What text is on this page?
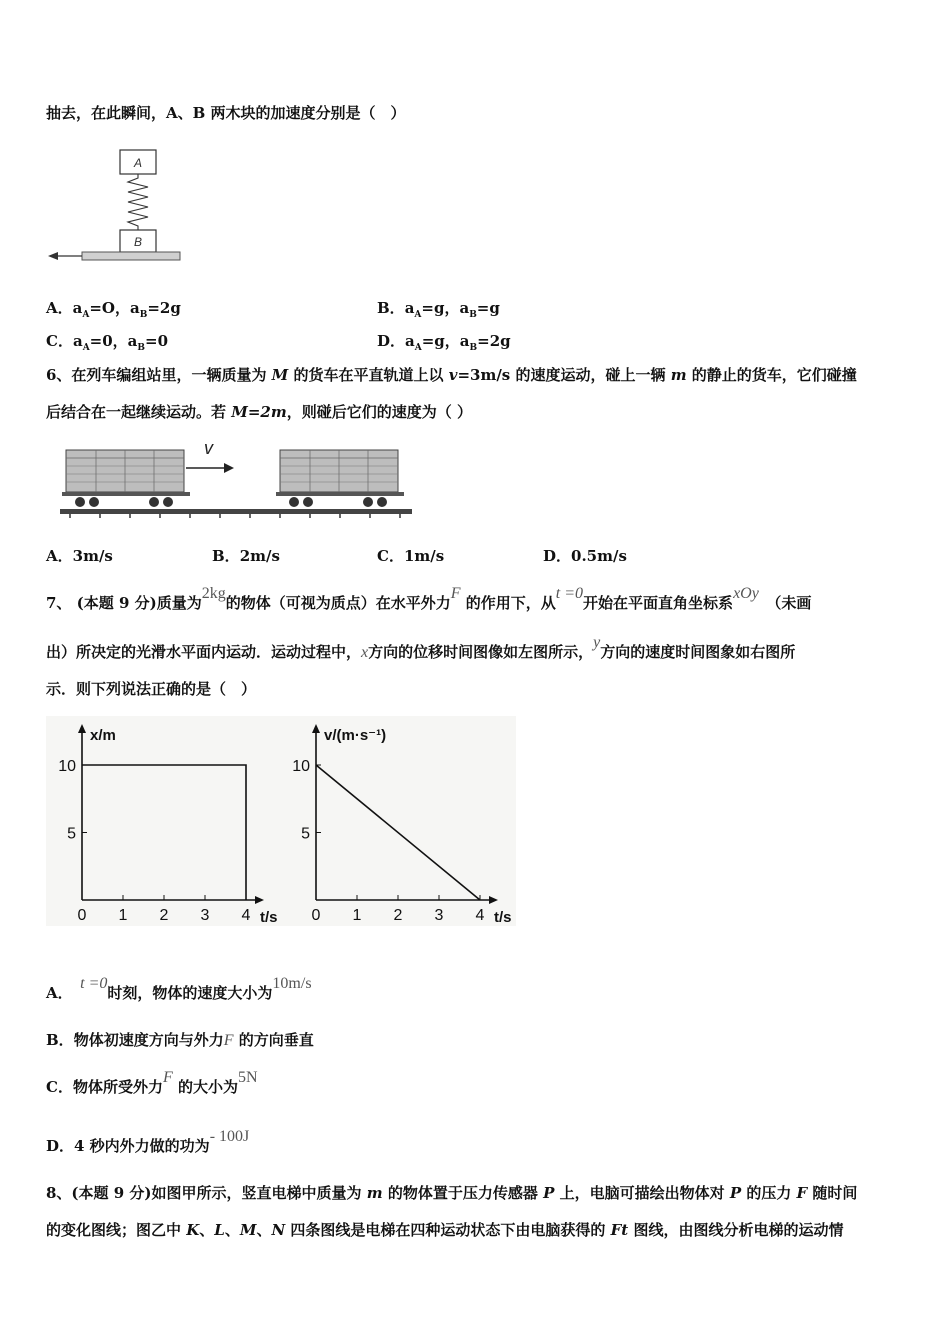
抽去，在此瞬间，A、B 两木块的加速度分别是（　）
A
B
A．$a_A=O$，$a_B=2g$	B．$a_A=g$，$a_B=g$
C．$a_A=0$，$a_B=0$	D．$a_A=g$，$a_B=2g$
6、在列车编组站里，一辆质量为 M 的货车在平直轨道上以 v=3m/s 的速度运动，碰上一辆 m 的静止的货车，它们碰撞
后结合在一起继续运动。若 M=2m，则碰后它们的速度为（ ）
v
A．3m/s	B．2m/s	C．1m/s	D．0.5m/s
7、 (本题 9 分)质量为2kg的物体（可视为质点）在水平外力F 的作用下，从t =0开始在平面直角坐标系xOy　（未画
出）所决定的光滑水平面内运动．运动过程中，x方向的位移时间图像如左图所示，y方向的速度时间图象如右图所
示．则下列说法正确的是（　）
0 1 2 3 4
5
10
t/s
x/m
0 1 2 3 4
5
10
t/s
v/(m·s⁻¹)
A．　t =0时刻，物体的速度大小为10m/s
B．物体初速度方向与外力F 的方向垂直
C．物体所受外力F 的大小为5N
D．4 秒内外力做的功为- 100J
8、(本题 9 分)如图甲所示，竖直电梯中质量为 m 的物体置于压力传感器 P 上，电脑可描绘出物体对 P 的压力 F 随时间
的变化图线；图乙中 K、L、M、N 四条图线是电梯在四种运动状态下由电脑获得的 Ft 图线，由图线分析电梯的运动情
